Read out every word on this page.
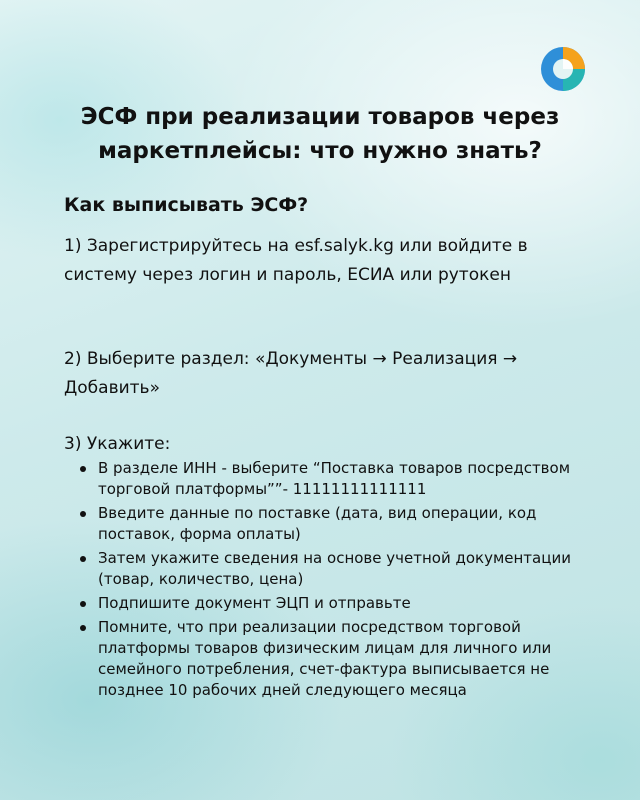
ЭСФ при реализации товаров через маркетплейсы: что нужно знать?
Как выписывать ЭСФ?

1) Зарегистрируйтесь на esf.salyk.kg или войдите в систему через логин и пароль, ЕСИА или рутокен

2) Выберите раздел: «Документы → Реализация → Добавить»

3) Укажите:

В разделе ИНН - выберите “Поставка товаров посредством торговой платформы””- 11111111111111
Введите данные по поставке (дата, вид операции, код поставок, форма оплаты)
Затем укажите сведения на основе учетной документации (товар, количество, цена)
Подпишите документ ЭЦП и отправьте
Помните, что при реализации посредством торговой платформы товаров физическим лицам для личного или семейного потребления, счет-фактура выписывается не позднее 10 рабочих дней следующего месяца
